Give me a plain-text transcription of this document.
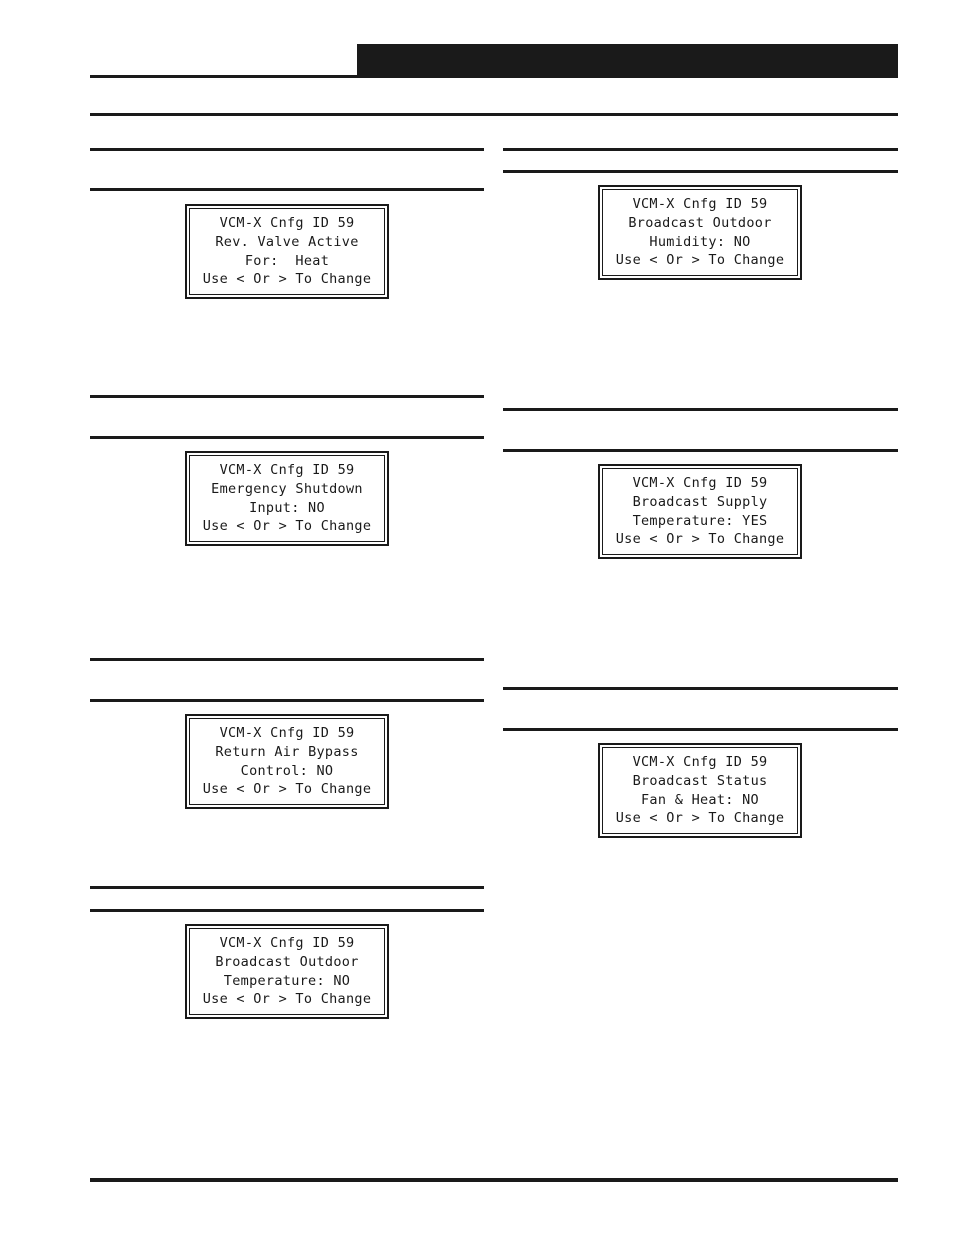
VCM-X Cnfg ID 59
Rev. Valve Active
For:  Heat
Use < Or > To Change
VCM-X Cnfg ID 59
Emergency Shutdown
Input: NO
Use < Or > To Change
VCM-X Cnfg ID 59
Return Air Bypass
Control: NO
Use < Or > To Change
VCM-X Cnfg ID 59
Broadcast Outdoor
Temperature: NO
Use < Or > To Change
VCM-X Cnfg ID 59
Broadcast Outdoor
Humidity: NO
Use < Or > To Change
VCM-X Cnfg ID 59
Broadcast Supply
Temperature: YES
Use < Or > To Change
VCM-X Cnfg ID 59
Broadcast Status
Fan & Heat: NO
Use < Or > To Change
